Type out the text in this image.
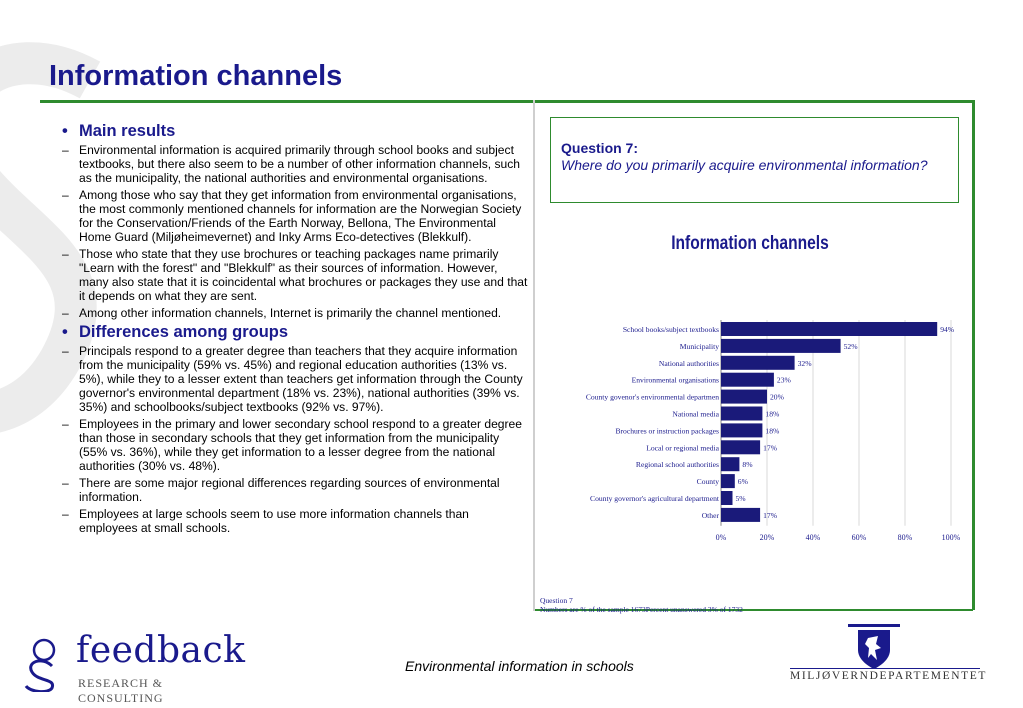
Information channels
• Main results
– Environmental information is acquired primarily through school books and subject textbooks, but there also seem to be a number of other information channels, such as the municipality, the national authorities and environmental organisations.
– Among those who say that they get information from environmental organisations, the most commonly mentioned channels for information are the Norwegian Society for the Conservation/Friends of the Earth Norway, Bellona, The Environmental Home Guard (Miljøheimevernet) and Inky Arms Eco-detectives (Blekkulf).
– Those who state that they use brochures or teaching packages name primarily "Learn with the forest" and "Blekkulf" as their sources of information. However, many also state that it is coincidental what brochures or packages they use and that it depends on what they are sent.
– Among other information channels, Internet is primarily the channel mentioned.
• Differences among groups
– Principals respond to a greater degree than teachers that they acquire information from the municipality (59% vs. 45%) and regional education authorities (13% vs. 5%), while they to a lesser extent than teachers get information through the County governor's environmental department (18% vs. 23%), national authorities (39% vs. 35%) and schoolbooks/subject textbooks (92% vs. 97%).
– Employees in the primary and lower secondary school respond to a greater degree than those in secondary schools that they get information from the municipality (55% vs. 36%), while they get information to a lesser degree from the national authorities (30% vs. 48%).
– There are some major regional differences regarding sources of environmental information.
– Employees at large schools seem to use more information channels than employees at small schools.
Question 7:
Where do you primarily acquire environmental information?
Information channels
0%	20%	40%	60%	80%	100%
School books/subject textbooks	94%
Municipality	52%
National authorities	32%
Environmental organisations	23%
County govenor's environmental departmen	20%
National media	18%
Brochures or instruction packages	18%
Local or regional media	17%
Regional school authorities	8%
County 6%
County governor's agricultural department 5%
Other	17%
Question 7
Numbers are % of the sample 1673Percent unanswered 3% of 1732
feedback
RESEARCH & CONSULTING
Environmental information in schools
MILJØVERNDEPARTEMENTET
